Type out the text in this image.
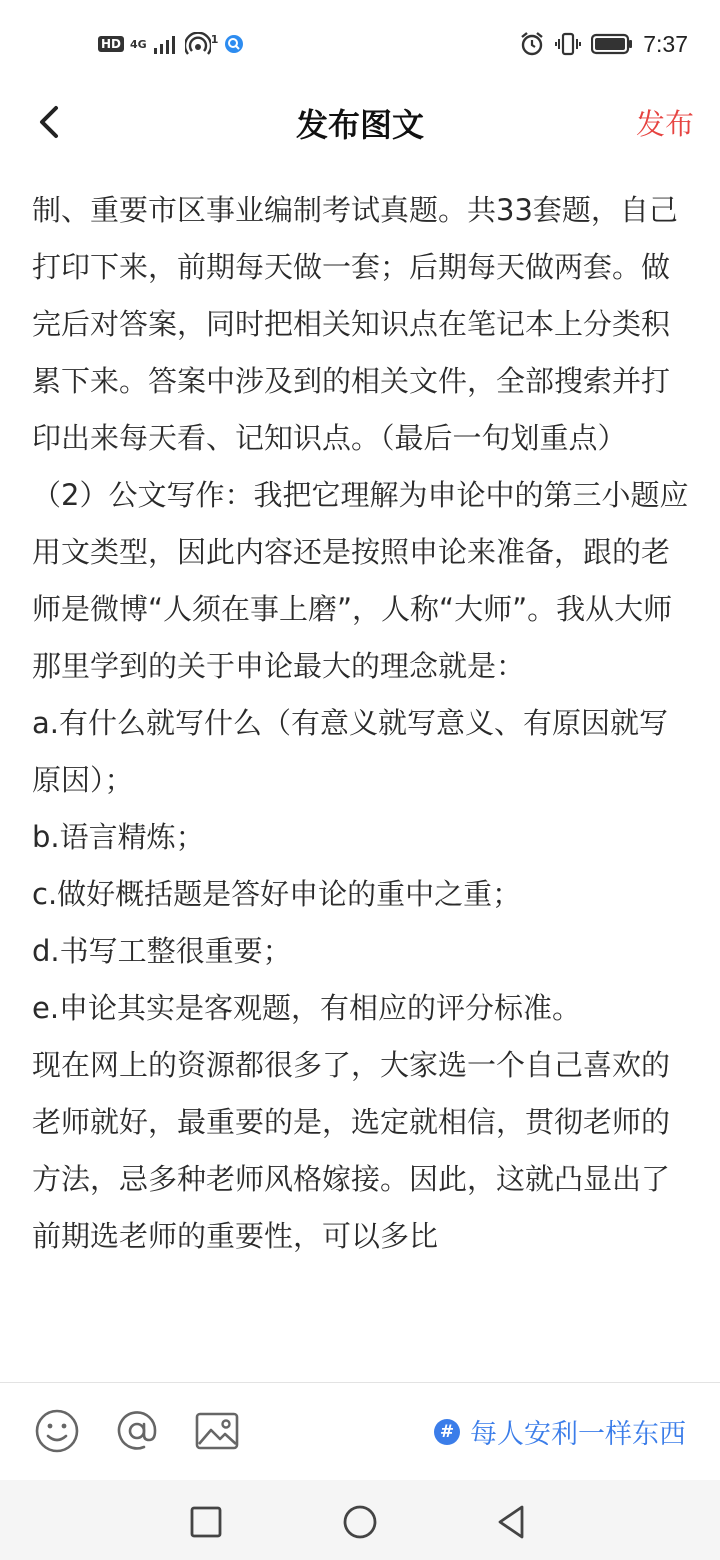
HD 4G	1	7:37
发布图文	发布

制、重要市区事业编制考试真题。共33套题，自己打印下来，前期每天做一套；后期每天做两套。做完后对答案，同时把相关知识点在笔记本上分类积累下来。答案中涉及到的相关文件，全部搜索并打印出来每天看、记知识点。（最后一句划重点）

（2）公文写作：我把它理解为申论中的第三小题应用文类型，因此内容还是按照申论来准备，跟的老师是微博“人须在事上磨”，人称“大师”。我从大师那里学到的关于申论最大的理念就是：

a.有什么就写什么（有意义就写意义、有原因就写原因）；

b.语言精炼；

c.做好概括题是答好申论的重中之重；

d.书写工整很重要；

e.申论其实是客观题，有相应的评分标准。

现在网上的资源都很多了，大家选一个自己喜欢的老师就好，最重要的是，选定就相信，贯彻老师的方法，忌多种老师风格嫁接。因此，这就凸显出了前期选老师的重要性，可以多比

# 每人安利一样东西
